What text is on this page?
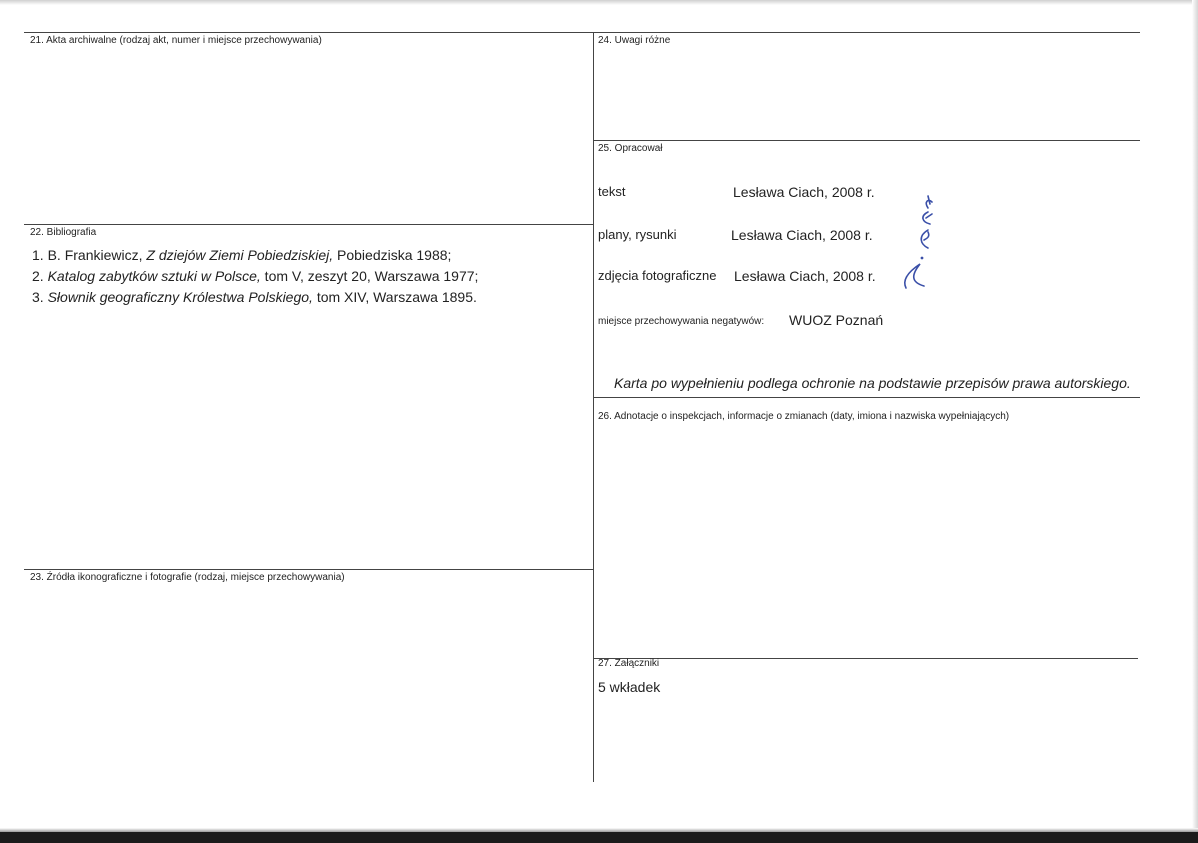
21. Akta archiwalne (rodzaj akt, numer i miejsce przechowywania)
22. Bibliografia
1. B. Frankiewicz, Z dziejów Ziemi Pobiedziskiej, Pobiedziska 1988;
2. Katalog zabytków sztuki w Polsce, tom V, zeszyt 20, Warszawa 1977;
3. Słownik geograficzny Królestwa Polskiego, tom XIV, Warszawa 1895.
23. Źródła ikonograficzne i fotografie (rodzaj, miejsce przechowywania)
24. Uwagi różne
25. Opracował
tekst	Lesława Ciach, 2008 r.
plany, rysunki	Lesława Ciach, 2008 r.
zdjęcia fotograficzne Lesława Ciach, 2008 r.
miejsce przechowywania negatywów: WUOZ Poznań
Karta po wypełnieniu podlega ochronie na podstawie przepisów prawa autorskiego.
26. Adnotacje o inspekcjach, informacje o zmianach (daty, imiona i nazwiska wypełniających)
27. Załączniki
5 wkładek
